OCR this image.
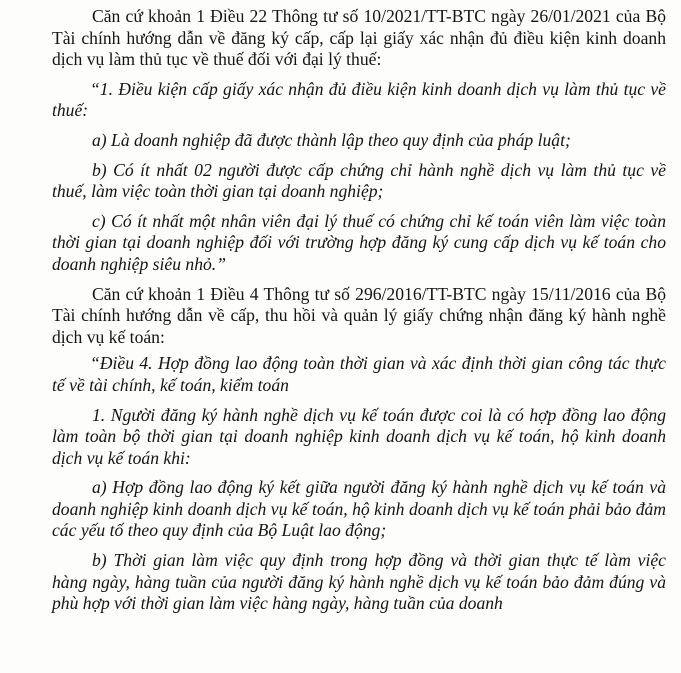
Căn cứ khoản 1 Điều 22 Thông tư số 10/2021/TT-BTC ngày 26/01/2021 của Bộ Tài chính hướng dẫn về đăng ký cấp, cấp lại giấy xác nhận đủ điều kiện kinh doanh dịch vụ làm thủ tục về thuế đối với đại lý thuế:

“1. Điều kiện cấp giấy xác nhận đủ điều kiện kinh doanh dịch vụ làm thủ tục về thuế:

a) Là doanh nghiệp đã được thành lập theo quy định của pháp luật;

b) Có ít nhất 02 người được cấp chứng chỉ hành nghề dịch vụ làm thủ tục về thuế, làm việc toàn thời gian tại doanh nghiệp;

c) Có ít nhất một nhân viên đại lý thuế có chứng chỉ kế toán viên làm việc toàn thời gian tại doanh nghiệp đối với trường hợp đăng ký cung cấp dịch vụ kế toán cho doanh nghiệp siêu nhỏ.”

Căn cứ khoản 1 Điều 4 Thông tư số 296/2016/TT-BTC ngày 15/11/2016 của Bộ Tài chính hướng dẫn về cấp, thu hồi và quản lý giấy chứng nhận đăng ký hành nghề dịch vụ kế toán:

“Điều 4. Hợp đồng lao động toàn thời gian và xác định thời gian công tác thực tế về tài chính, kế toán, kiểm toán

1. Người đăng ký hành nghề dịch vụ kế toán được coi là có hợp đồng lao động làm toàn bộ thời gian tại doanh nghiệp kinh doanh dịch vụ kế toán, hộ kinh doanh dịch vụ kế toán khi:

a) Hợp đồng lao động ký kết giữa người đăng ký hành nghề dịch vụ kế toán và doanh nghiệp kinh doanh dịch vụ kế toán, hộ kinh doanh dịch vụ kế toán phải bảo đảm các yếu tố theo quy định của Bộ Luật lao động;

b) Thời gian làm việc quy định trong hợp đồng và thời gian thực tế làm việc hàng ngày, hàng tuần của người đăng ký hành nghề dịch vụ kế toán bảo đảm đúng và phù hợp với thời gian làm việc hàng ngày, hàng tuần của doanh
